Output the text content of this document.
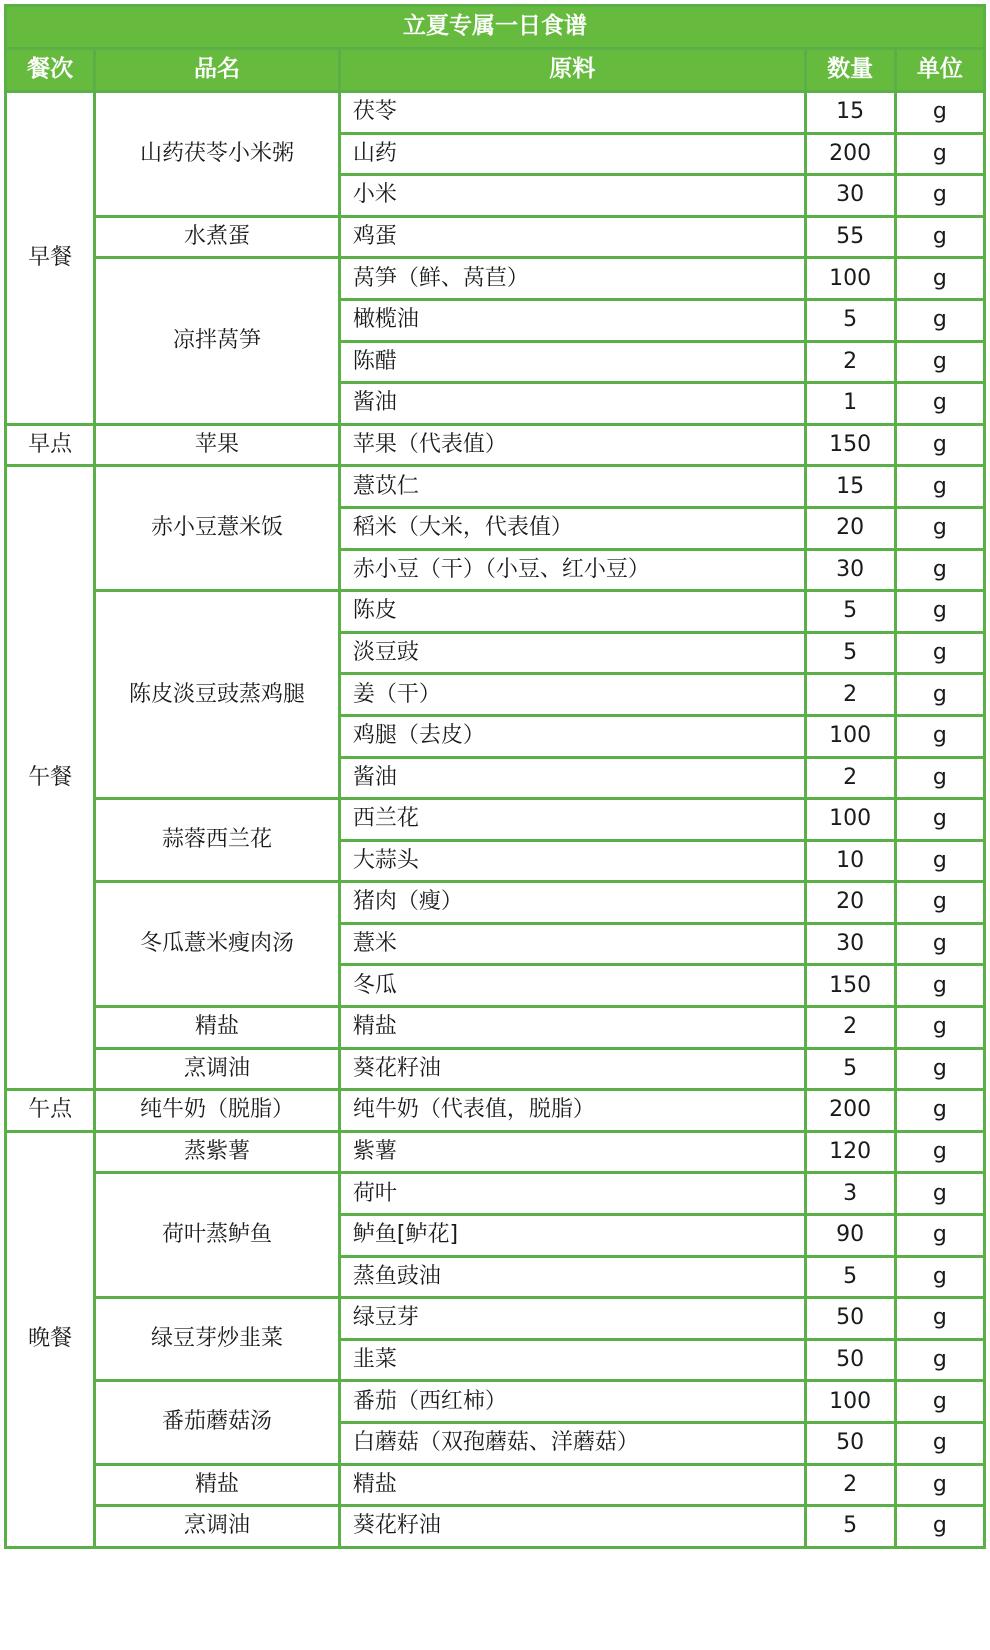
立夏专属一日食谱				
餐次	品名	原料	数量	单位
早餐	山药茯苓小米粥	茯苓	15	g
		山药	200	g
		小米	30	g
	水煮蛋	鸡蛋	55	g
	凉拌莴笋	莴笋（鲜、莴苣）	100	g
		橄榄油	5	g
		陈醋	2	g
		酱油	1	g
早点	苹果	苹果（代表值）	150	g
午餐	赤小豆薏米饭	薏苡仁	15	g
		稻米（大米，代表值）	20	g
		赤小豆（干）（小豆、红小豆）	30	g
	陈皮淡豆豉蒸鸡腿	陈皮	5	g
		淡豆豉	5	g
		姜（干）	2	g
		鸡腿（去皮）	100	g
		酱油	2	g
	蒜蓉西兰花	西兰花	100	g
		大蒜头	10	g
	冬瓜薏米瘦肉汤	猪肉（瘦）	20	g
		薏米	30	g
		冬瓜	150	g
	精盐	精盐	2	g
	烹调油	葵花籽油	5	g
午点	纯牛奶（脱脂）	纯牛奶（代表值，脱脂）	200	g
晚餐	蒸紫薯	紫薯	120	g
	荷叶蒸鲈鱼	荷叶	3	g
		鲈鱼[鲈花]	90	g
		蒸鱼豉油	5	g
	绿豆芽炒韭菜	绿豆芽	50	g
		韭菜	50	g
	番茄蘑菇汤	番茄（西红柿）	100	g
		白蘑菇（双孢蘑菇、洋蘑菇）	50	g
	精盐	精盐	2	g
	烹调油	葵花籽油	5	g
